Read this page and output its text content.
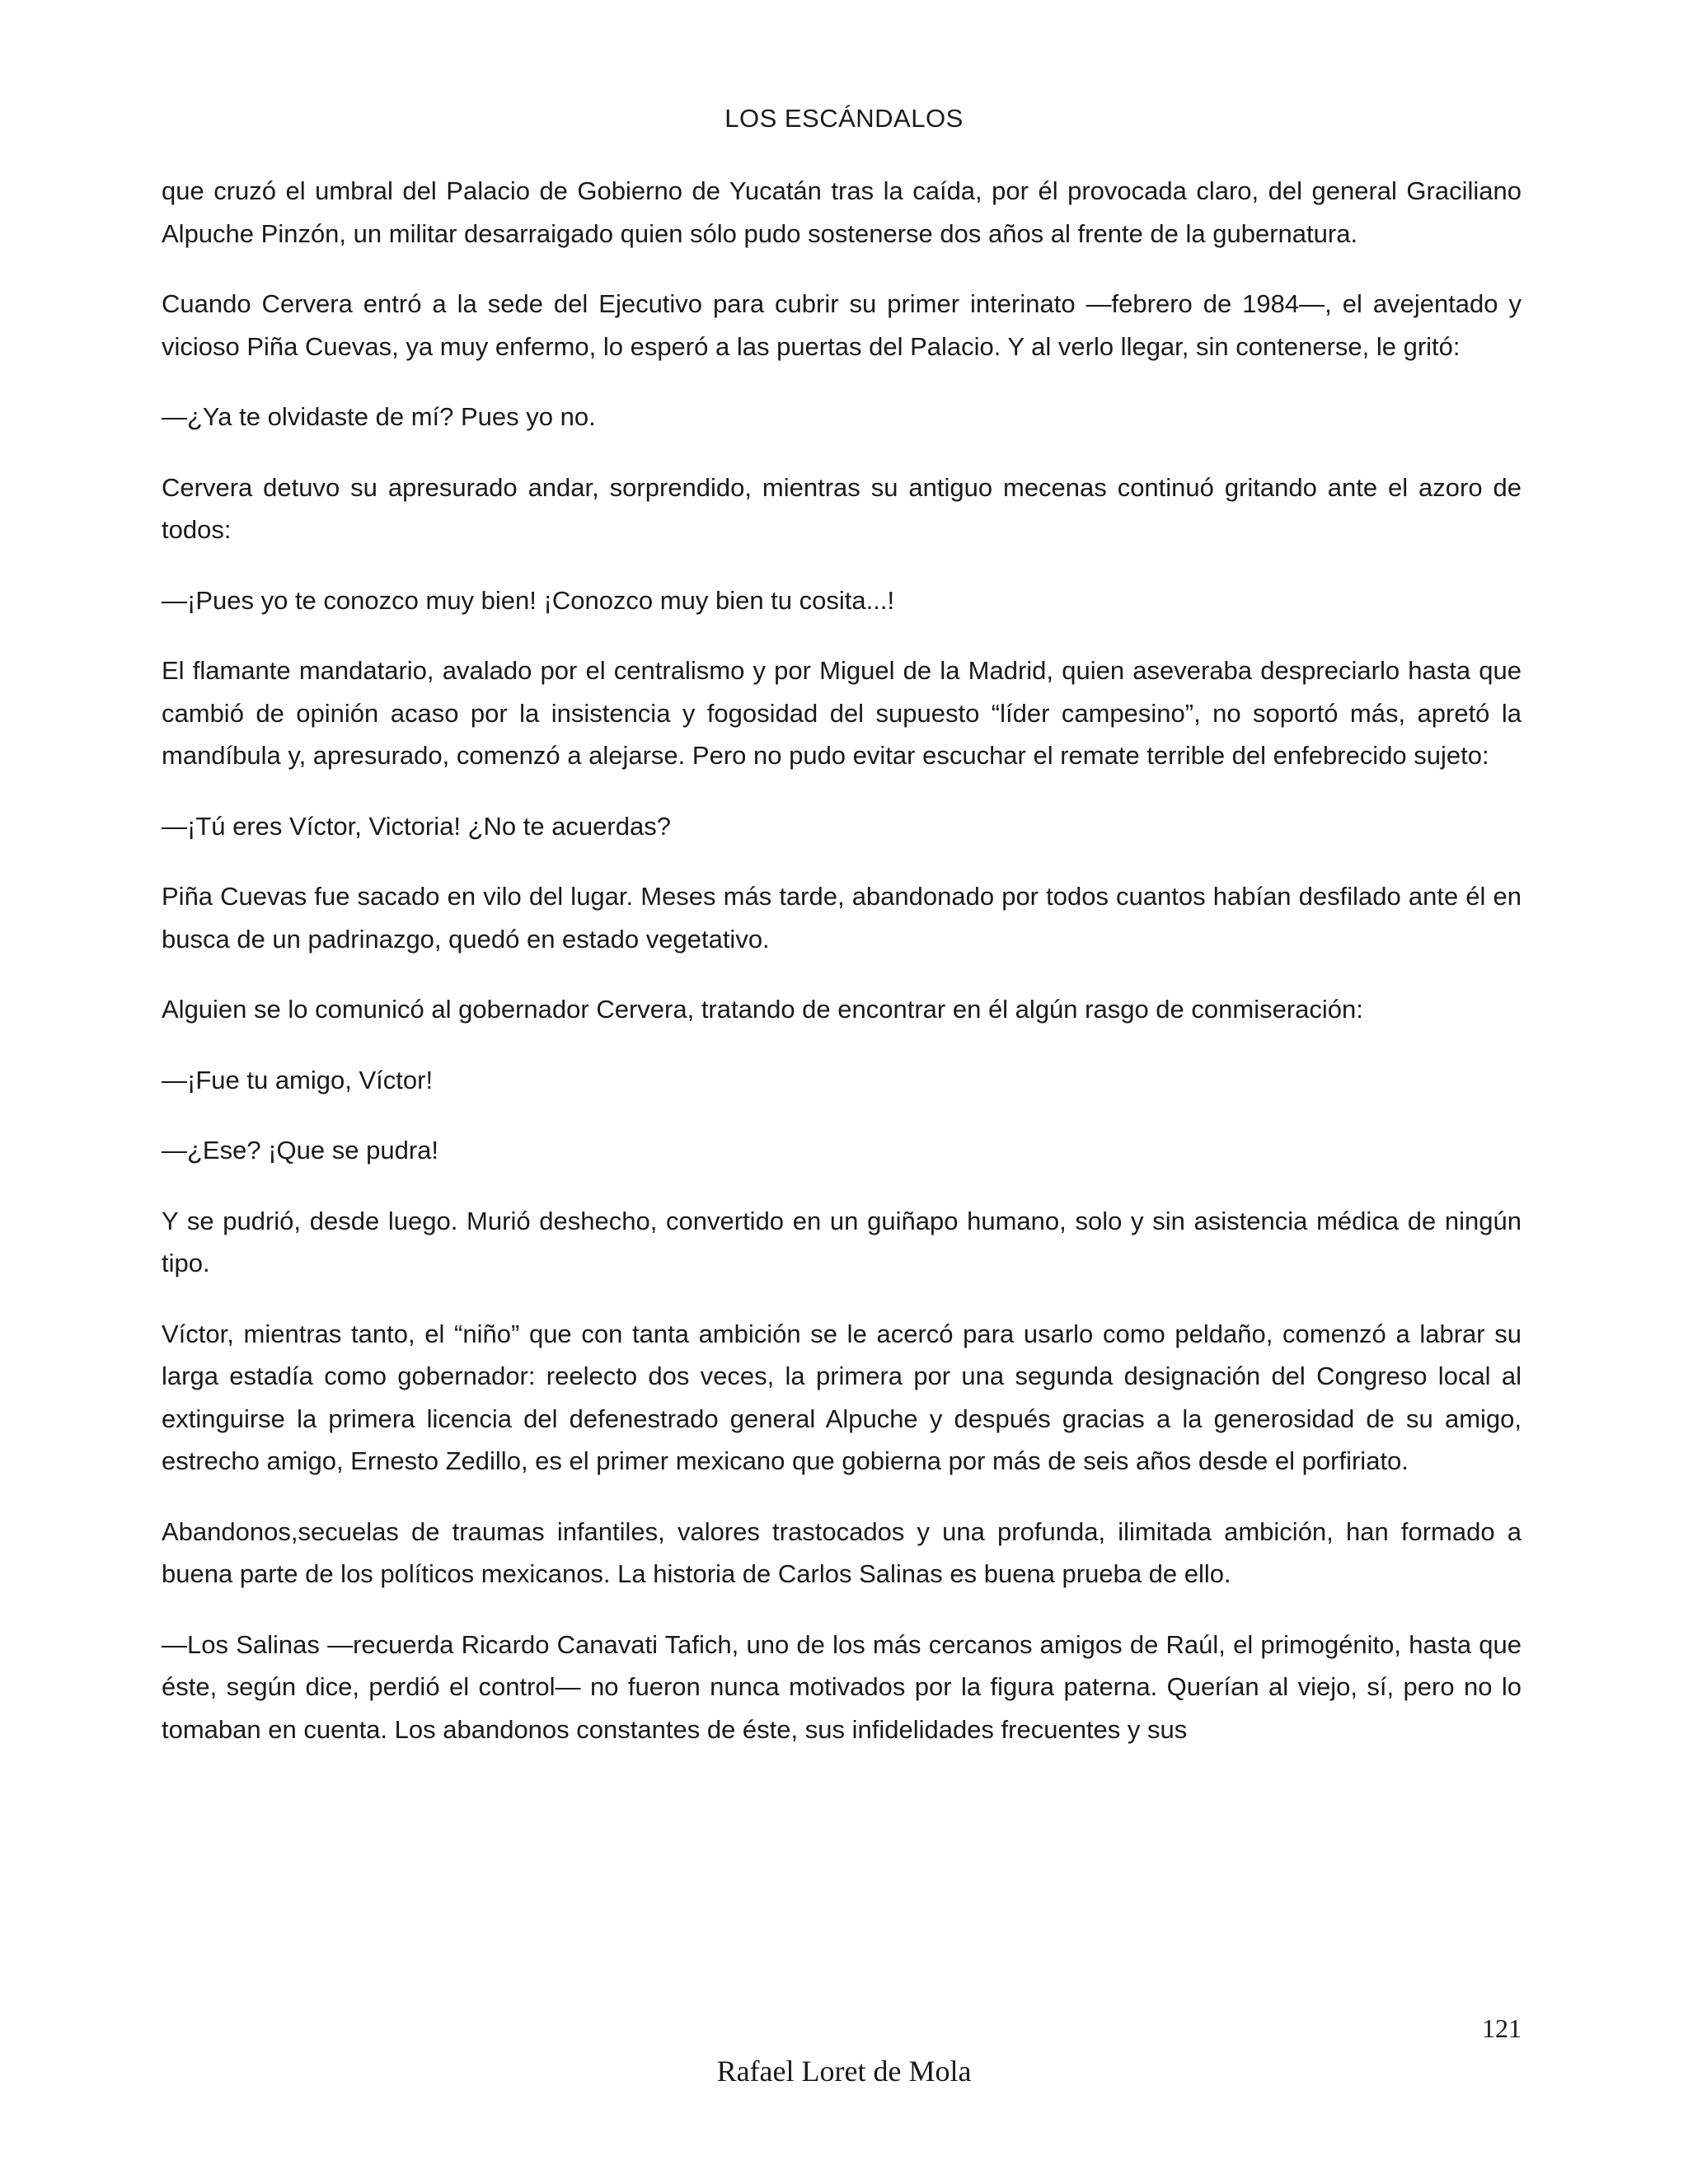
LOS ESCÁNDALOS

que cruzó el umbral del Palacio de Gobierno de Yucatán tras la caída, por él provocada claro, del general Graciliano Alpuche Pinzón, un militar desarraigado quien sólo pudo sostenerse dos años al frente de la gubernatura.

Cuando Cervera entró a la sede del Ejecutivo para cubrir su primer interinato —febrero de 1984—, el avejentado y vicioso Piña Cuevas, ya muy enfermo, lo esperó a las puertas del Palacio. Y al verlo llegar, sin contenerse, le gritó:

—¿Ya te olvidaste de mí? Pues yo no.

Cervera detuvo su apresurado andar, sorprendido, mientras su antiguo mecenas continuó gritando ante el azoro de todos:

—¡Pues yo te conozco muy bien! ¡Conozco muy bien tu cosita...!

El flamante mandatario, avalado por el centralismo y por Miguel de la Madrid, quien aseveraba despreciarlo hasta que cambió de opinión acaso por la insistencia y fogosidad del supuesto “líder campesino”, no soportó más, apretó la mandíbula y, apresurado, comenzó a alejarse. Pero no pudo evitar escuchar el remate terrible del enfebrecido sujeto:

—¡Tú eres Víctor, Victoria! ¿No te acuerdas?

Piña Cuevas fue sacado en vilo del lugar. Meses más tarde, abandonado por todos cuantos habían desfilado ante él en busca de un padrinazgo, quedó en estado vegetativo.

Alguien se lo comunicó al gobernador Cervera, tratando de encontrar en él algún rasgo de conmiseración:

—¡Fue tu amigo, Víctor!

—¿Ese? ¡Que se pudra!

Y se pudrió, desde luego. Murió deshecho, convertido en un guiñapo humano, solo y sin asistencia médica de ningún tipo.

Víctor, mientras tanto, el “niño” que con tanta ambición se le acercó para usarlo como peldaño, comenzó a labrar su larga estadía como gobernador: reelecto dos veces, la primera por una segunda designación del Congreso local al extinguirse la primera licencia del defenestrado general Alpuche y después gracias a la generosidad de su amigo, estrecho amigo, Ernesto Zedillo, es el primer mexicano que gobierna por más de seis años desde el porfiriato.

Abandonos,secuelas de traumas infantiles, valores trastocados y una profunda, ilimitada ambición, han formado a buena parte de los políticos mexicanos. La historia de Carlos Salinas es buena prueba de ello.

—Los Salinas —recuerda Ricardo Canavati Tafich, uno de los más cercanos amigos de Raúl, el primogénito, hasta que éste, según dice, perdió el control— no fueron nunca motivados por la figura paterna. Querían al viejo, sí, pero no lo tomaban en cuenta. Los abandonos constantes de éste, sus infidelidades frecuentes y sus

121
Rafael Loret de Mola
